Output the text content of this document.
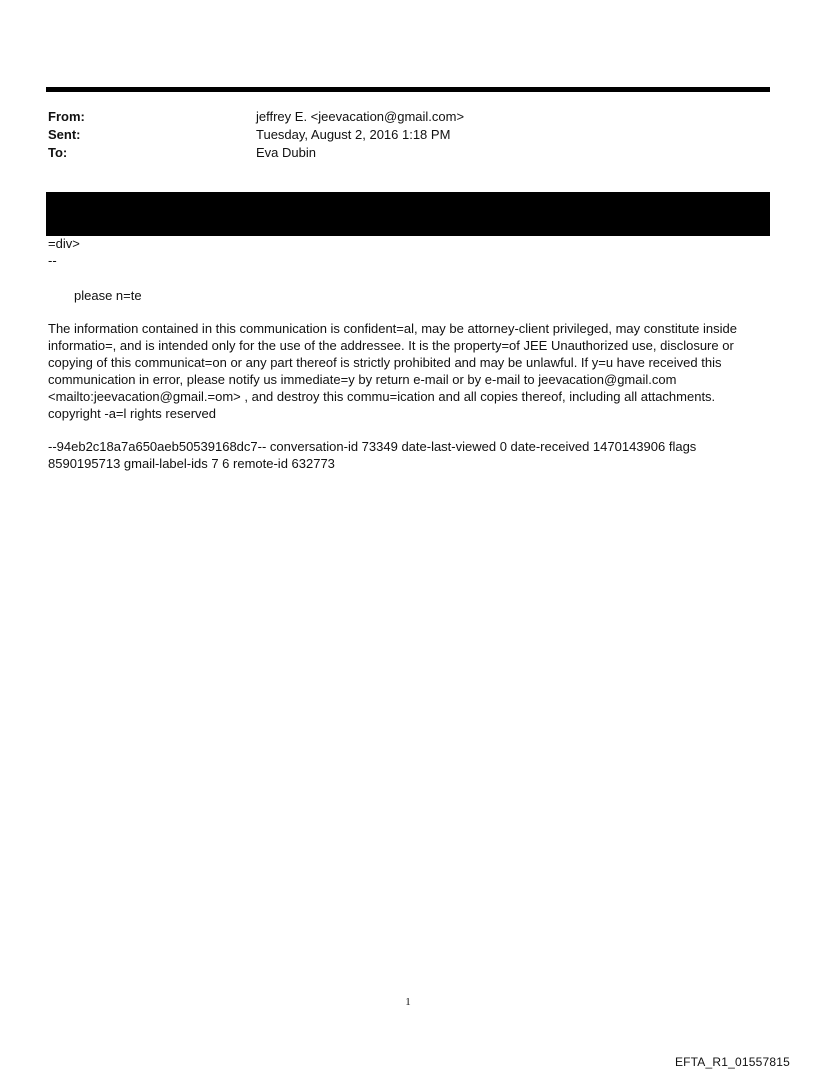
From:	jeffrey E. <jeevacation@gmail.com>
Sent:	Tuesday, August 2, 2016 1:18 PM
To:	Eva Dubin
=div>
--
please n=te

The information contained in this communication is confident=al, may be attorney-client privileged, may constitute inside informatio=, and is intended only for the use of the addressee. It is the property=of JEE Unauthorized use, disclosure or copying of this communicat=on or any part thereof is strictly prohibited and may be unlawful. If y=u have received this communication in error, please notify us immediate=y by return e-mail or by e-mail to jeevacation@gmail.com <mailto:jeevacation@gmail.=om> , and destroy this commu=ication and all copies thereof, including all attachments. copyright -a=l rights reserved

--94eb2c18a7a650aeb50539168dc7-- conversation-id 73349 date-last-viewed 0 date-received 1470143906 flags 8590195713 gmail-label-ids 7 6 remote-id 632773

1
EFTA_R1_01557815
